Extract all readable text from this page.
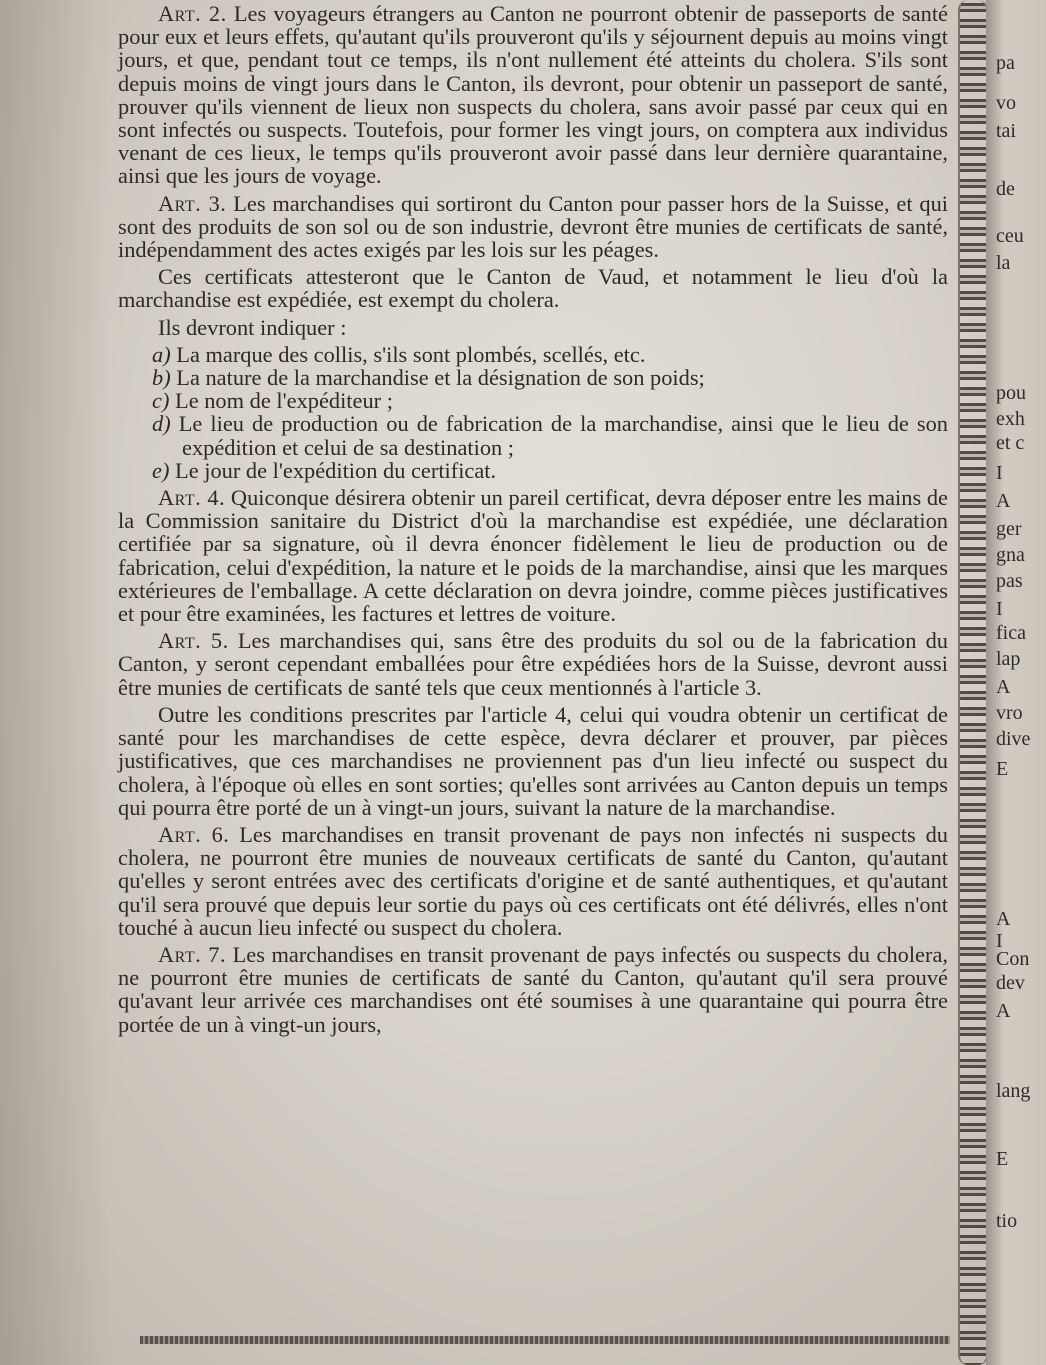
Art. 2. Les voyageurs étrangers au Canton ne pourront obtenir de passeports de santé pour eux et leurs effets, qu'autant qu'ils prouveront qu'ils y séjournent depuis au moins vingt jours, et que, pendant tout ce temps, ils n'ont nullement été atteints du cholera. S'ils sont depuis moins de vingt jours dans le Canton, ils devront, pour obtenir un passeport de santé, prouver qu'ils viennent de lieux non suspects du cholera, sans avoir passé par ceux qui en sont infectés ou suspects. Toutefois, pour former les vingt jours, on comptera aux individus venant de ces lieux, le temps qu'ils prouveront avoir passé dans leur dernière quarantaine, ainsi que les jours de voyage.

Art. 3. Les marchandises qui sortiront du Canton pour passer hors de la Suisse, et qui sont des produits de son sol ou de son industrie, devront être munies de certificats de santé, indépendamment des actes exigés par les lois sur les péages.

Ces certificats attesteront que le Canton de Vaud, et notamment le lieu d'où la marchandise est expédiée, est exempt du cholera.

Ils devront indiquer :

a) La marque des collis, s'ils sont plombés, scellés, etc.
b) La nature de la marchandise et la désignation de son poids;
c) Le nom de l'expéditeur ;
d) Le lieu de production ou de fabrication de la marchandise, ainsi que le lieu de son expédition et celui de sa destination ;
e) Le jour de l'expédition du certificat.

Art. 4. Quiconque désirera obtenir un pareil certificat, devra déposer entre les mains de la Commission sanitaire du District d'où la marchandise est expédiée, une déclaration certifiée par sa signature, où il devra énoncer fidèlement le lieu de production ou de fabrication, celui d'expédition, la nature et le poids de la marchandise, ainsi que les marques extérieures de l'emballage. A cette déclaration on devra joindre, comme pièces justificatives et pour être examinées, les factures et lettres de voiture.

Art. 5. Les marchandises qui, sans être des produits du sol ou de la fabrication du Canton, y seront cependant emballées pour être expédiées hors de la Suisse, devront aussi être munies de certificats de santé tels que ceux mentionnés à l'article 3.

Outre les conditions prescrites par l'article 4, celui qui voudra obtenir un certificat de santé pour les marchandises de cette espèce, devra déclarer et prouver, par pièces justificatives, que ces marchandises ne proviennent pas d'un lieu infecté ou suspect du cholera, à l'époque où elles en sont sorties; qu'elles sont arrivées au Canton depuis un temps qui pourra être porté de un à vingt-un jours, suivant la nature de la marchandise.

Art. 6. Les marchandises en transit provenant de pays non infectés ni suspects du cholera, ne pourront être munies de nouveaux certificats de santé du Canton, qu'autant qu'elles y seront entrées avec des certificats d'origine et de santé authentiques, et qu'autant qu'il sera prouvé que depuis leur sortie du pays où ces certificats ont été délivrés, elles n'ont touché à aucun lieu infecté ou suspect du cholera.

Art. 7. Les marchandises en transit provenant de pays infectés ou suspects du cholera, ne pourront être munies de certificats de santé du Canton, qu'autant qu'il sera prouvé qu'avant leur arrivée ces marchandises ont été soumises à une quarantaine qui pourra être portée de un à vingt-un jours,

pa
vo
tai
de
ceu
la
pou
exh
et c
I
A
ger
gna
pas
I
fica
lap
A
vro
dive
E
A
I
Con
dev
A
lang
E
tio
